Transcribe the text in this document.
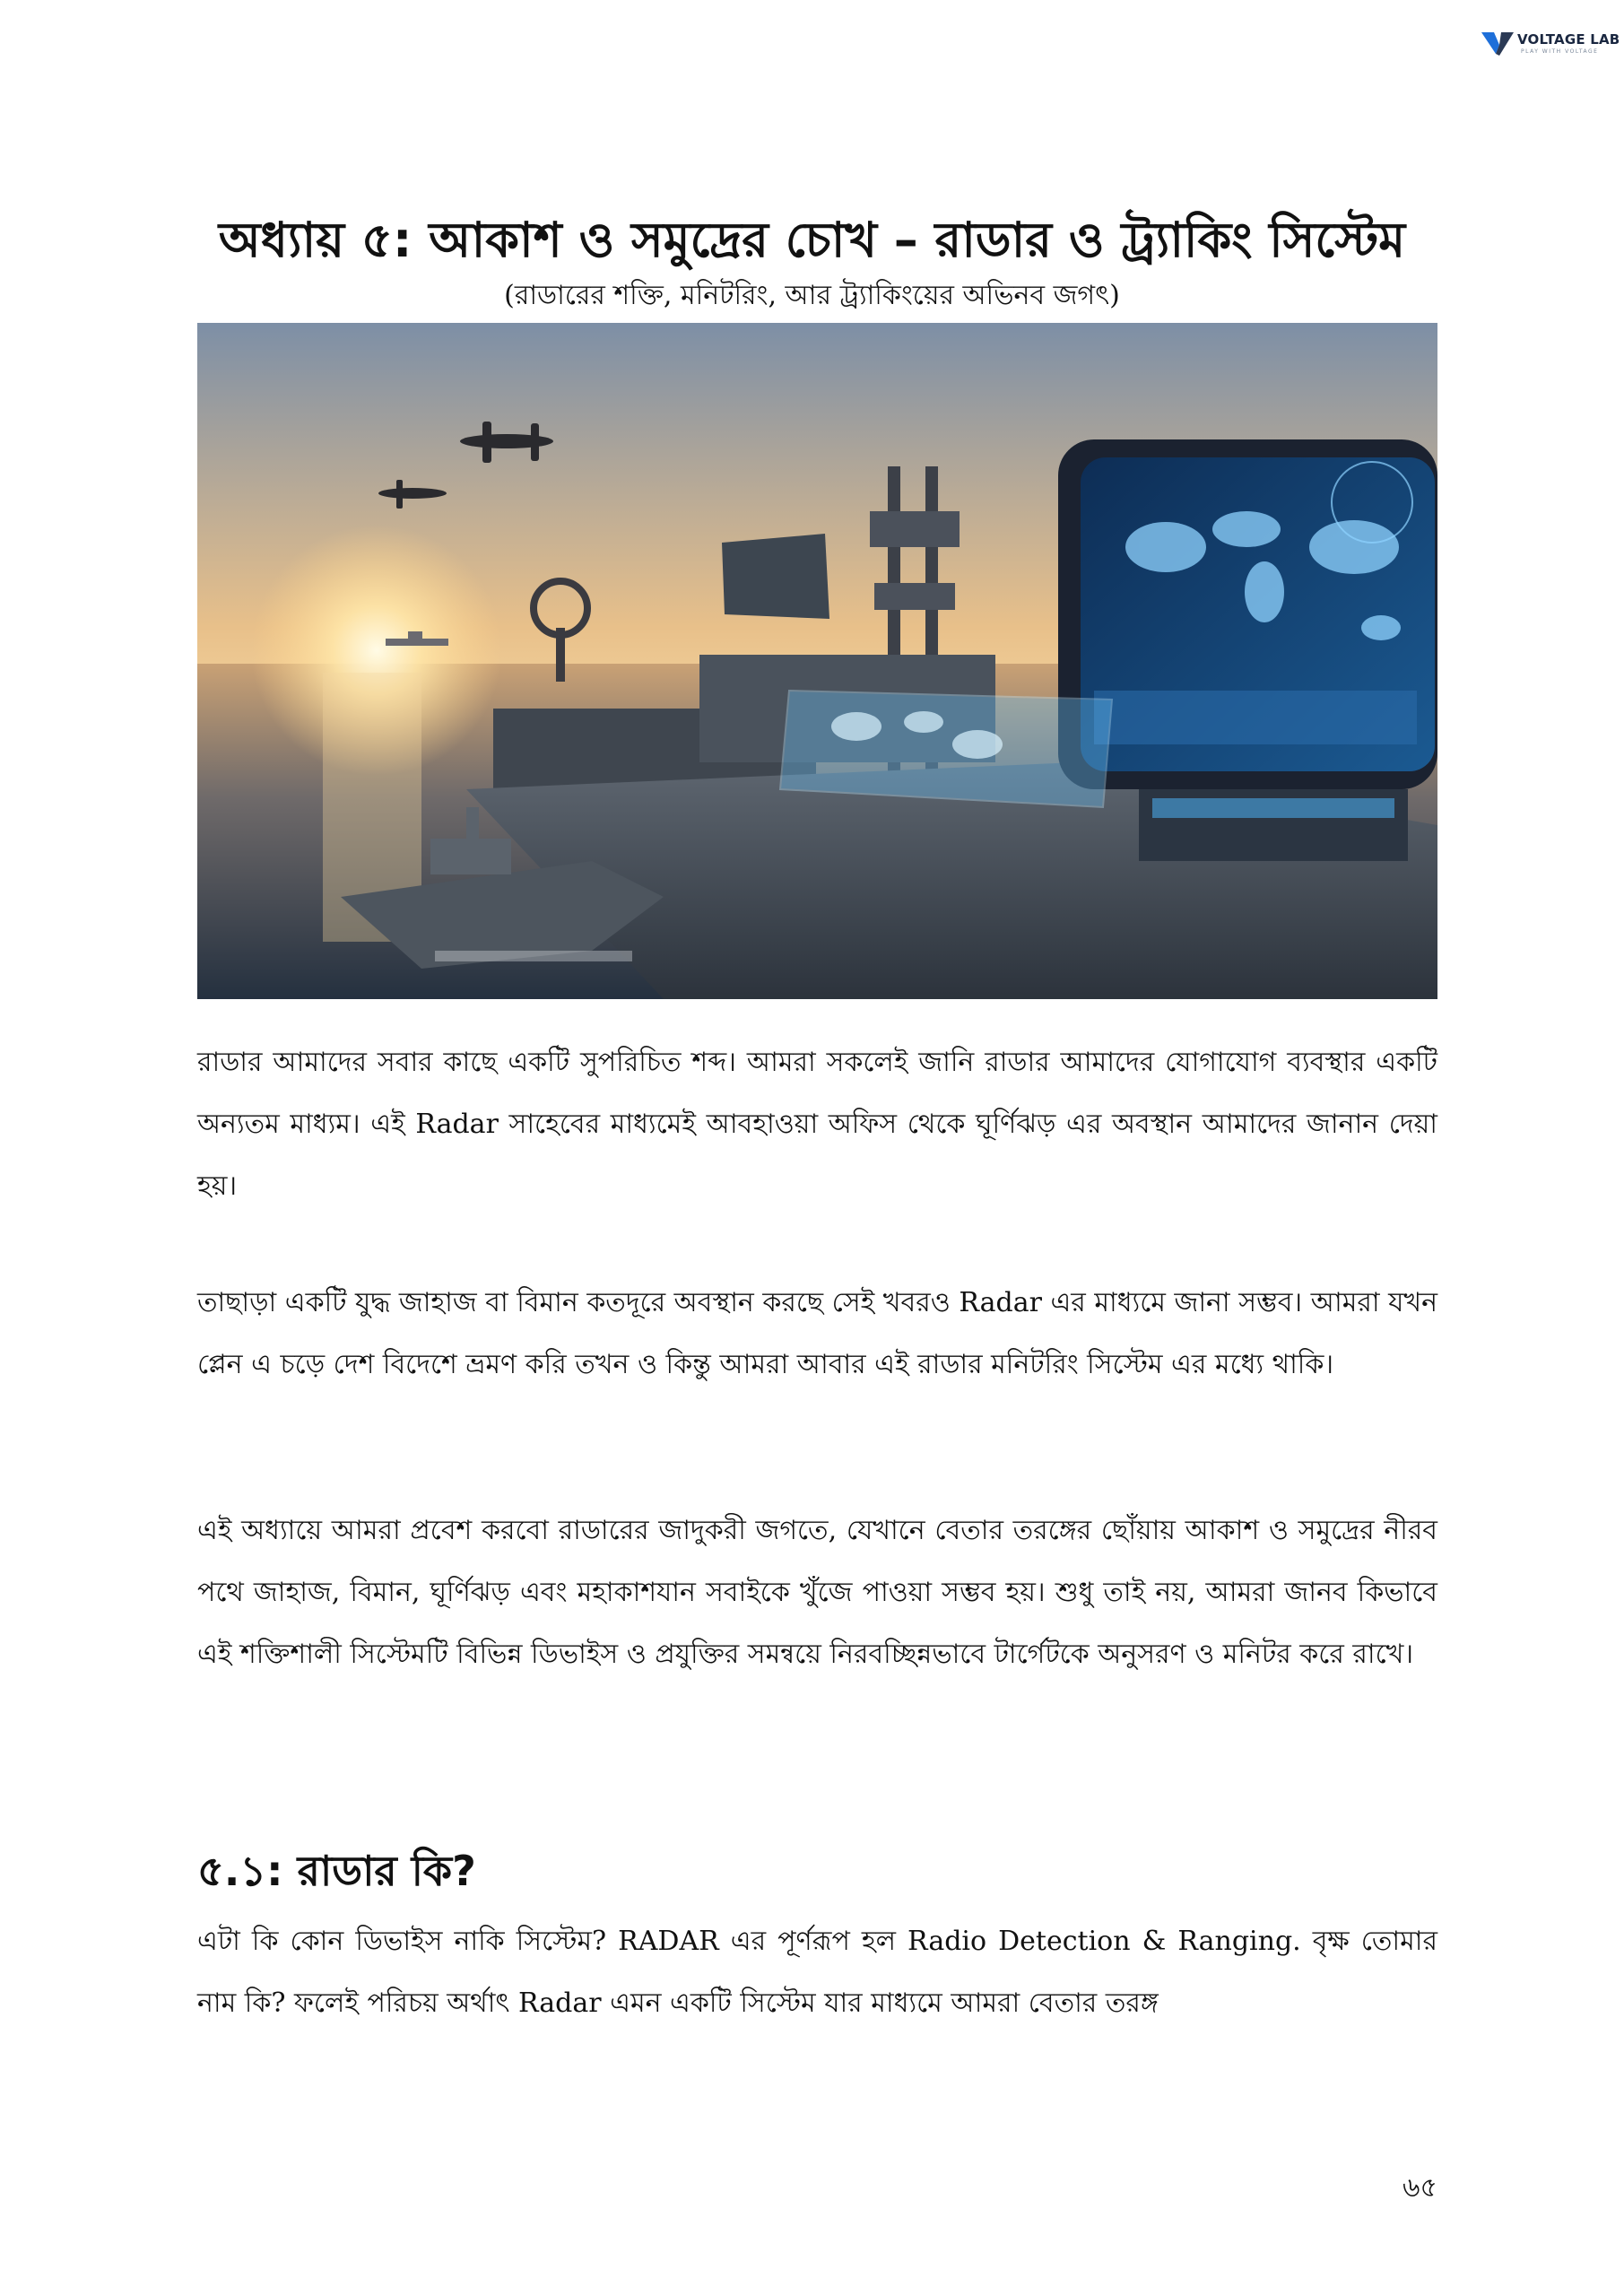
VOLTAGE LAB
PLAY WITH VOLTAGE
অধ্যায় ৫: আকাশ ও সমুদ্রের চোখ – রাডার ও ট্র্যাকিং সিস্টেম

(রাডারের শক্তি, মনিটরিং, আর ট্র্যাকিংয়ের অভিনব জগৎ)

রাডার আমাদের সবার কাছে একটি সুপরিচিত শব্দ। আমরা সকলেই জানি রাডার আমাদের যোগাযোগ ব্যবস্থার একটি অন্যতম মাধ্যম। এই Radar সাহেবের মাধ্যমেই আবহাওয়া অফিস থেকে ঘূর্ণিঝড় এর অবস্থান আমাদের জানান দেয়া হয়।

তাছাড়া একটি যুদ্ধ জাহাজ বা বিমান কতদূরে অবস্থান করছে সেই খবরও Radar এর মাধ্যমে জানা সম্ভব। আমরা যখন প্লেন এ চড়ে দেশ বিদেশে ভ্রমণ করি তখন ও কিন্তু আমরা আবার এই রাডার মনিটরিং সিস্টেম এর মধ্যে থাকি।

এই অধ্যায়ে আমরা প্রবেশ করবো রাডারের জাদুকরী জগতে, যেখানে বেতার তরঙ্গের ছোঁয়ায় আকাশ ও সমুদ্রের নীরব পথে জাহাজ, বিমান, ঘূর্ণিঝড় এবং মহাকাশযান সবাইকে খুঁজে পাওয়া সম্ভব হয়। শুধু তাই নয়, আমরা জানব কিভাবে এই শক্তিশালী সিস্টেমটি বিভিন্ন ডিভাইস ও প্রযুক্তির সমন্বয়ে নিরবচ্ছিন্নভাবে টার্গেটকে অনুসরণ ও মনিটর করে রাখে।

৫.১: রাডার কি?

এটা কি কোন ডিভাইস নাকি সিস্টেম? RADAR এর পূর্ণরূপ হল Radio Detection & Ranging. বৃক্ষ তোমার নাম কি? ফলেই পরিচয় অর্থাৎ Radar এমন একটি সিস্টেম যার মাধ্যমে আমরা বেতার তরঙ্গ

৬৫
